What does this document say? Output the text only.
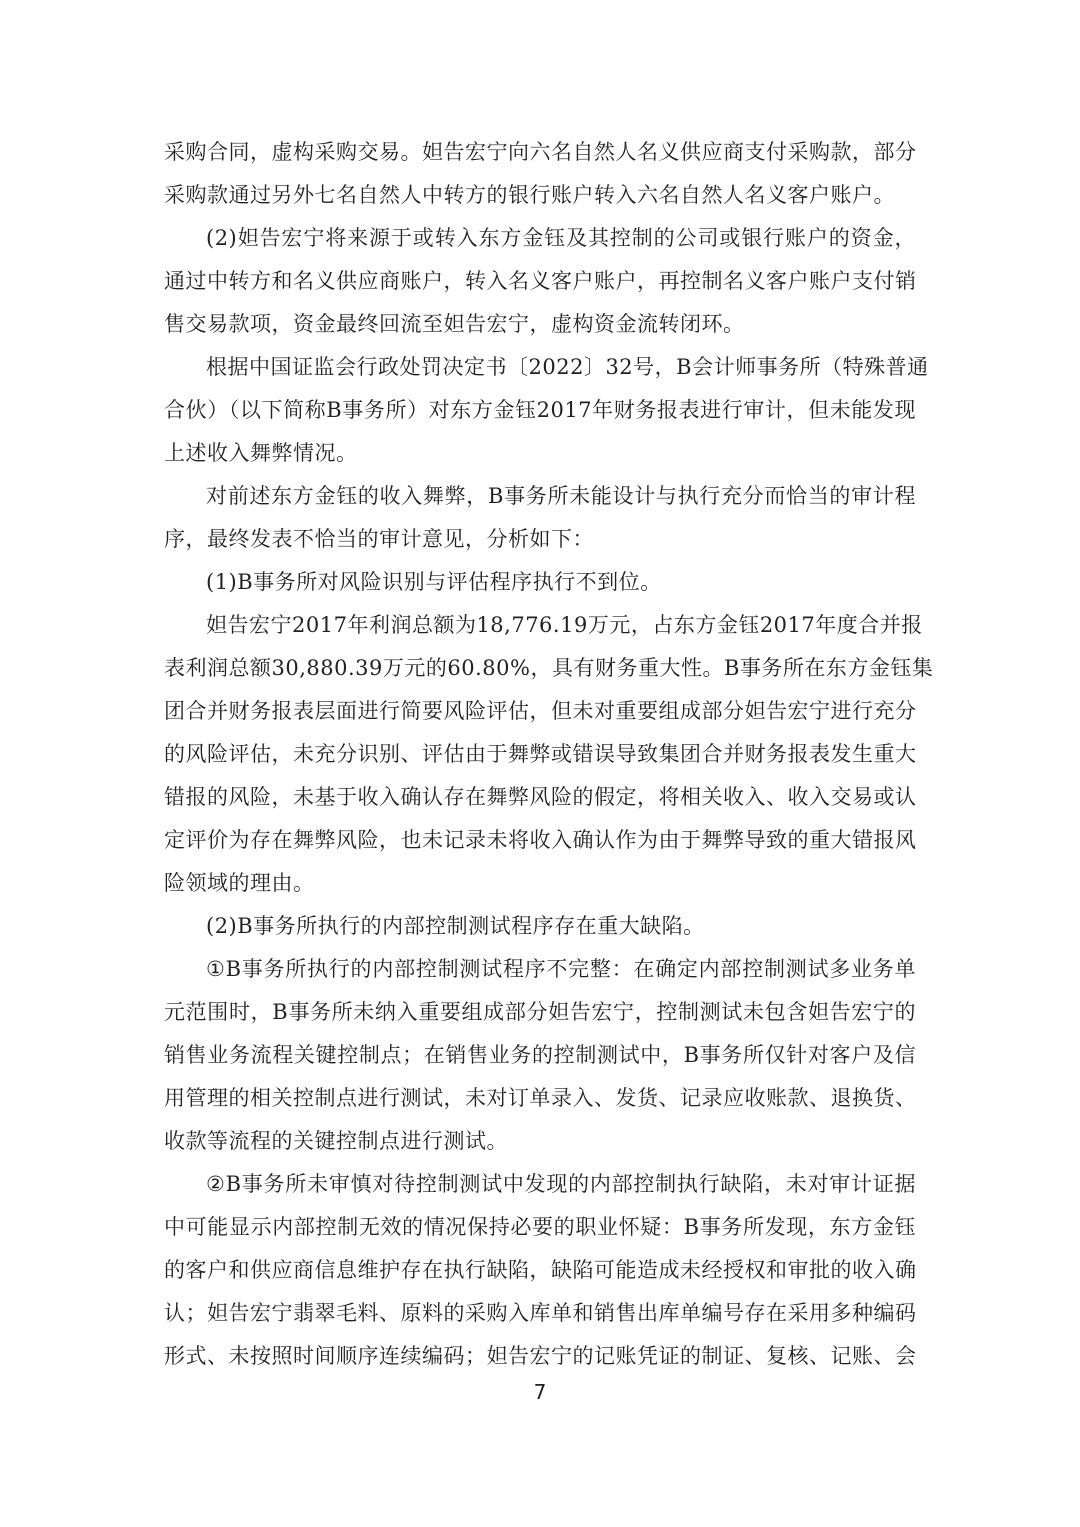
采购合同，虚构采购交易。妲告宏宁向六名自然人名义供应商支付采购款，部分
采购款通过另外七名自然人中转方的银行账户转入六名自然人名义客户账户。
(2)妲告宏宁将来源于或转入东方金钰及其控制的公司或银行账户的资金，
通过中转方和名义供应商账户，转入名义客户账户，再控制名义客户账户支付销
售交易款项，资金最终回流至妲告宏宁，虚构资金流转闭环。
根据中国证监会行政处罚决定书〔2022〕32号，B会计师事务所（特殊普通
合伙）（以下简称B事务所）对东方金钰2017年财务报表进行审计，但未能发现
上述收入舞弊情况。
对前述东方金钰的收入舞弊，B事务所未能设计与执行充分而恰当的审计程
序，最终发表不恰当的审计意见，分析如下：
(1)B事务所对风险识别与评估程序执行不到位。
妲告宏宁2017年利润总额为18,776.19万元，占东方金钰2017年度合并报
表利润总额30,880.39万元的60.80%，具有财务重大性。B事务所在东方金钰集
团合并财务报表层面进行简要风险评估，但未对重要组成部分妲告宏宁进行充分
的风险评估，未充分识别、评估由于舞弊或错误导致集团合并财务报表发生重大
错报的风险，未基于收入确认存在舞弊风险的假定，将相关收入、收入交易或认
定评价为存在舞弊风险，也未记录未将收入确认作为由于舞弊导致的重大错报风
险领域的理由。
(2)B事务所执行的内部控制测试程序存在重大缺陷。
①B事务所执行的内部控制测试程序不完整：在确定内部控制测试多业务单
元范围时，B事务所未纳入重要组成部分妲告宏宁，控制测试未包含妲告宏宁的
销售业务流程关键控制点；在销售业务的控制测试中，B事务所仅针对客户及信
用管理的相关控制点进行测试，未对订单录入、发货、记录应收账款、退换货、
收款等流程的关键控制点进行测试。
②B事务所未审慎对待控制测试中发现的内部控制执行缺陷，未对审计证据
中可能显示内部控制无效的情况保持必要的职业怀疑：B事务所发现，东方金钰
的客户和供应商信息维护存在执行缺陷，缺陷可能造成未经授权和审批的收入确
认；妲告宏宁翡翠毛料、原料的采购入库单和销售出库单编号存在采用多种编码
形式、未按照时间顺序连续编码；妲告宏宁的记账凭证的制证、复核、记账、会
7
